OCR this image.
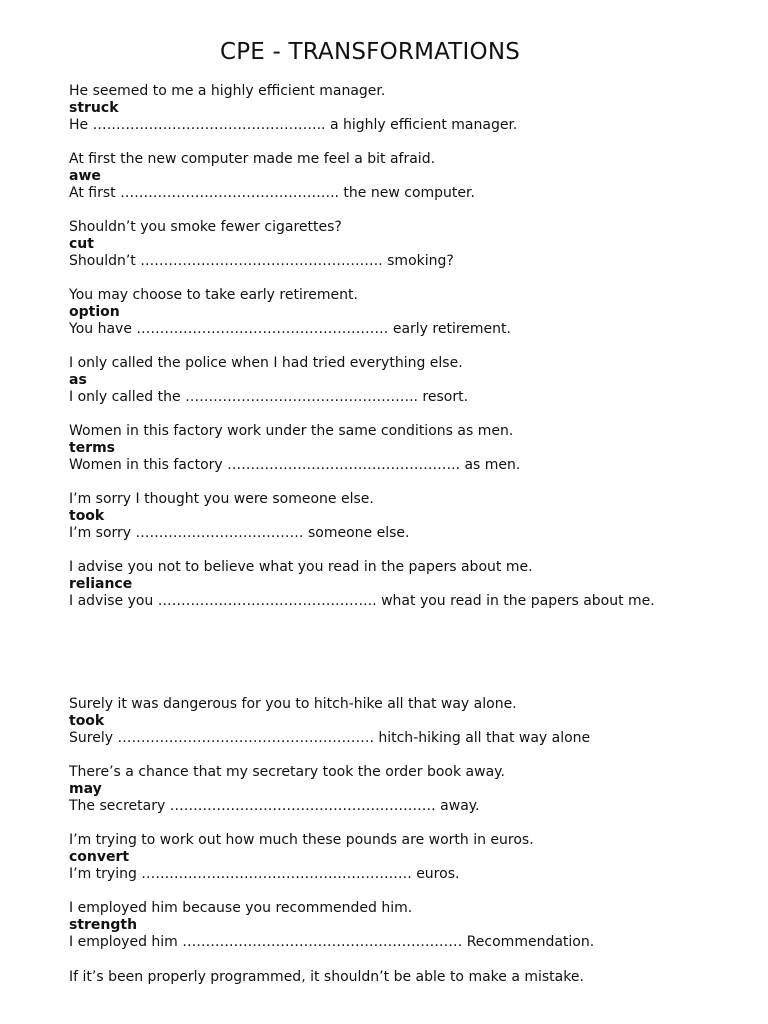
CPE - TRANSFORMATIONS
He seemed to me a highly efficient manager.
struck
He ………………………………………….. a highly efficient manager.
At first the new computer made me feel a bit afraid.
awe
At first ……………………………………….. the new computer.
Shouldn’t you smoke fewer cigarettes?
cut
Shouldn’t ……………………………………………. smoking?
You may choose to take early retirement.
option
You have ……………………………………………… early retirement.
I only called the police when I had tried everything else.
as
I only called the ………………………………………….. resort.
Women in this factory work under the same conditions as men.
terms
Women in this factory ………………………………………….. as men.
I’m sorry I thought you were someone else.
took
I’m sorry ……………………………… someone else.
I advise you not to believe what you read in the papers about me.
reliance
I advise you ……………………………………….. what you read in the papers about me.
Surely it was dangerous for you to hitch-hike all that way alone.
took
Surely ………………………………………………. hitch-hiking all that way alone
There’s a chance that my secretary took the order book away.
may
The secretary ………………………………………………… away.
I’m trying to work out how much these pounds are worth in euros.
convert
I’m trying …………………………………………………. euros.
I employed him because you recommended him.
strength
I employed him …………………………………………………… Recommendation.
If it’s been properly programmed, it shouldn’t be able to make a mistake.
